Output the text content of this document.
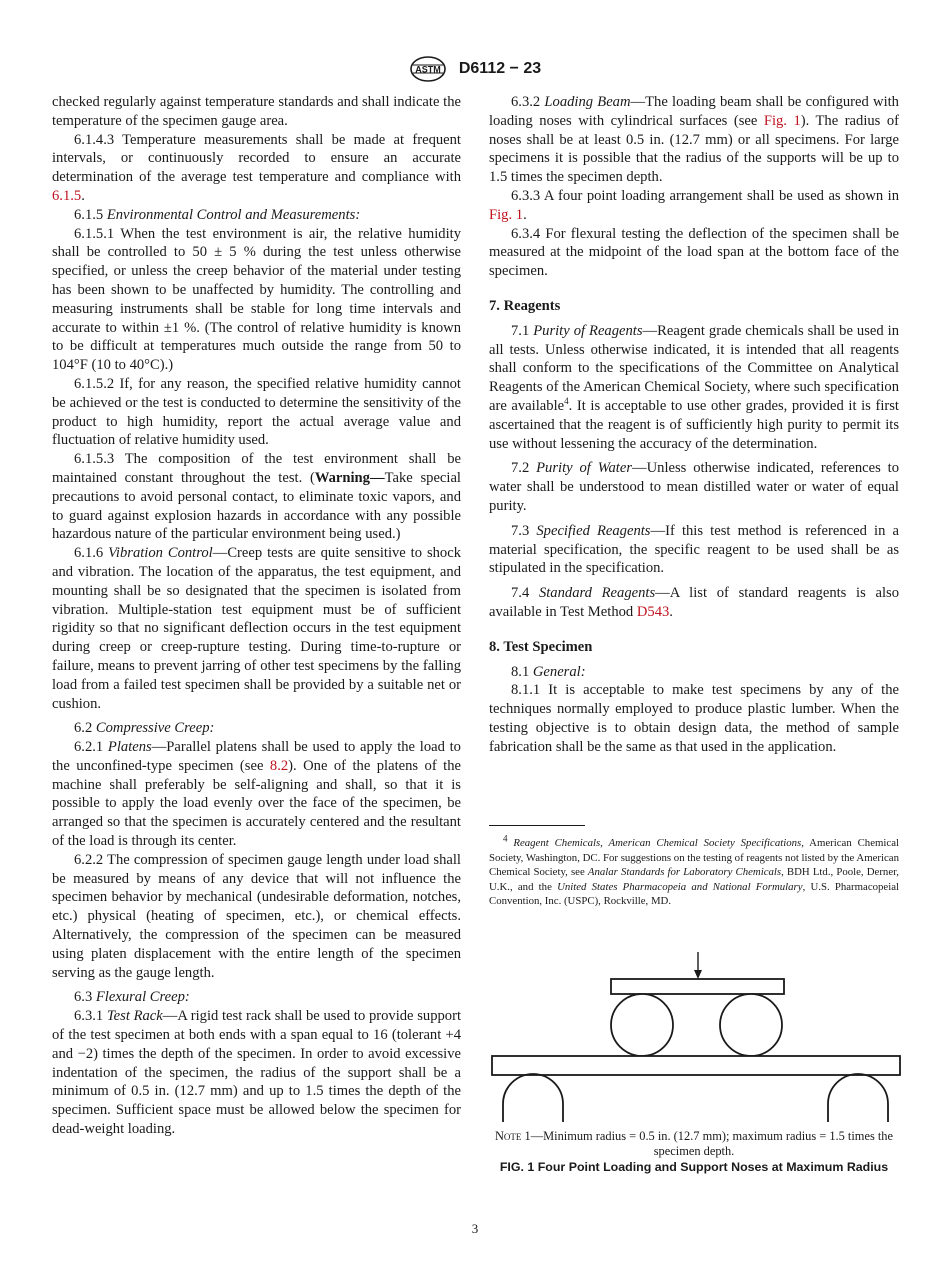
ASTM D6112 − 23

checked regularly against temperature standards and shall indicate the temperature of the specimen gauge area.

6.1.4.3 Temperature measurements shall be made at frequent intervals, or continuously recorded to ensure an accurate determination of the average test temperature and compliance with 6.1.5.

6.1.5 Environmental Control and Measurements:

6.1.5.1 When the test environment is air, the relative humidity shall be controlled to 50 ± 5 % during the test unless otherwise specified, or unless the creep behavior of the material under testing has been shown to be unaffected by humidity. The controlling and measuring instruments shall be stable for long time intervals and accurate to within ±1 %. (The control of relative humidity is known to be difficult at temperatures much outside the range from 50 to 104°F (10 to 40°C).)

6.1.5.2 If, for any reason, the specified relative humidity cannot be achieved or the test is conducted to determine the sensitivity of the product to high humidity, report the actual average value and fluctuation of relative humidity used.

6.1.5.3 The composition of the test environment shall be maintained constant throughout the test. (Warning—Take special precautions to avoid personal contact, to eliminate toxic vapors, and to guard against explosion hazards in accordance with any possible hazardous nature of the particular environment being used.)

6.1.6 Vibration Control—Creep tests are quite sensitive to shock and vibration. The location of the apparatus, the test equipment, and mounting shall be so designated that the specimen is isolated from vibration. Multiple-station test equipment must be of sufficient rigidity so that no significant deflection occurs in the test equipment during creep or creep-rupture testing. During time-to-rupture or failure, means to prevent jarring of other test specimens by the falling load from a failed test specimen shall be provided by a suitable net or cushion.

6.2 Compressive Creep:

6.2.1 Platens—Parallel platens shall be used to apply the load to the unconfined-type specimen (see 8.2). One of the platens of the machine shall preferably be self-aligning and shall, so that it is possible to apply the load evenly over the face of the specimen, be arranged so that the specimen is accurately centered and the resultant of the load is through its center.

6.2.2 The compression of specimen gauge length under load shall be measured by means of any device that will not influence the specimen behavior by mechanical (undesirable deformation, notches, etc.) physical (heating of specimen, etc.), or chemical effects. Alternatively, the compression of the specimen can be measured using platen displacement with the entire length of the specimen serving as the gauge length.

6.3 Flexural Creep:

6.3.1 Test Rack—A rigid test rack shall be used to provide support of the test specimen at both ends with a span equal to 16 (tolerant +4 and −2) times the depth of the specimen. In order to avoid excessive indentation of the specimen, the radius of the support shall be a minimum of 0.5 in. (12.7 mm) and up to 1.5 times the depth of the specimen. Sufficient space must be allowed below the specimen for dead-weight loading.

6.3.2 Loading Beam—The loading beam shall be configured with loading noses with cylindrical surfaces (see Fig. 1). The radius of noses shall be at least 0.5 in. (12.7 mm) or all specimens. For large specimens it is possible that the radius of the supports will be up to 1.5 times the specimen depth.

6.3.3 A four point loading arrangement shall be used as shown in Fig. 1.

6.3.4 For flexural testing the deflection of the specimen shall be measured at the midpoint of the load span at the bottom face of the specimen.

7. Reagents

7.1 Purity of Reagents—Reagent grade chemicals shall be used in all tests. Unless otherwise indicated, it is intended that all reagents shall conform to the specifications of the Committee on Analytical Reagents of the American Chemical Society, where such specification are available$^4$. It is acceptable to use other grades, provided it is first ascertained that the reagent is of sufficiently high purity to permit its use without lessening the accuracy of the determination.

7.2 Purity of Water—Unless otherwise indicated, references to water shall be understood to mean distilled water or water of equal purity.

7.3 Specified Reagents—If this test method is referenced in a material specification, the specific reagent to be used shall be as stipulated in the specification.

7.4 Standard Reagents—A list of standard reagents is also available in Test Method D543.

8. Test Specimen

8.1 General:

8.1.1 It is acceptable to make test specimens by any of the techniques normally employed to produce plastic lumber. When the testing objective is to obtain design data, the method of sample fabrication shall be the same as that used in the application.

$^4$ Reagent Chemicals, American Chemical Society Specifications, American Chemical Society, Washington, DC. For suggestions on the testing of reagents not listed by the American Chemical Society, see Analar Standards for Laboratory Chemicals, BDH Ltd., Poole, Derner, U.K., and the United States Pharmacopeia and National Formulary, U.S. Pharmacopeial Convention, Inc. (USPC), Rockville, MD.
Note 1—Minimum radius = 0.5 in. (12.7 mm); maximum radius = 1.5 times the specimen depth.
FIG. 1 Four Point Loading and Support Noses at Maximum Radius
3
